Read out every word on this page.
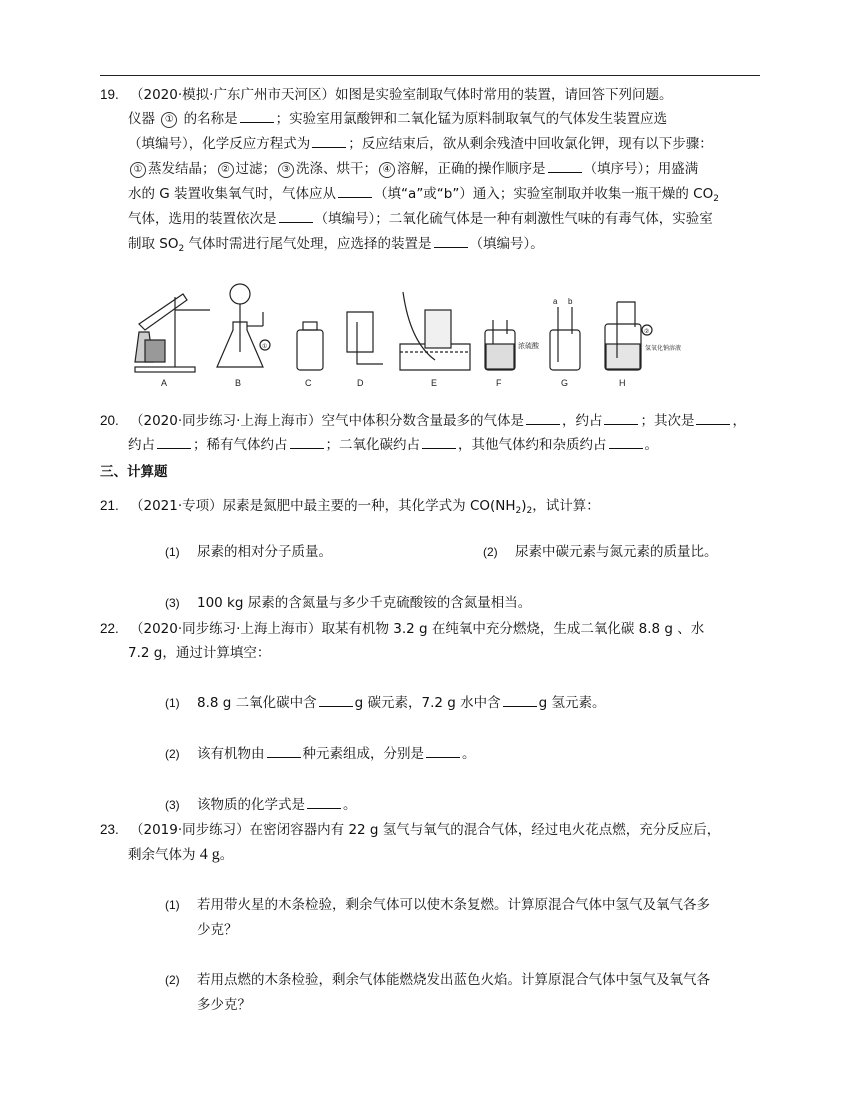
19. （2020·模拟·广东广州市天河区）如图是实验室制取气体时常用的装置，请回答下列问题。
仪器 ① 的名称是	；实验室用氯酸钾和二氧化锰为原料制取氧气的气体发生装置应选
（填编号），化学反应方程式为	；反应结束后，欲从剩余残渣中回收氯化钾，现有以下步骤：
① 蒸发结晶； ② 过滤； ③ 洗涤、烘干； ④ 溶解，正确的操作顺序是	（填序号）；用盛满
水的 G 装置收集氧气时，气体应从	（填“a”或“b”）通入；实验室制取并收集一瓶干燥的 $CO_2$
气体，选用的装置依次是	（填编号）；二氧化硫气体是一种有刺激性气味的有毒气体，实验室
制取 $SO_2$ 气体时需进行尾气处理，应选择的装置是	（填编号）。
A	B	C	D	E	F	G	H
a b
①
②
浓硫酸	氢氧化钠溶液
20. （2020·同步练习·上海上海市）空气中体积分数含量最多的气体是	，约占	；其次是	，
约占	；稀有气体约占	；二氧化碳约占	，其他气体约和杂质约占	。
三、计算题
21. （2021·专项）尿素是氮肥中最主要的一种，其化学式为 $CO(NH_2)_2$，试计算：
(1) 尿素的相对分子质量。	(2) 尿素中碳元素与氮元素的质量比。
(3) 100 kg 尿素的含氮量与多少千克硫酸铵的含氮量相当。
22. （2020·同步练习·上海上海市）取某有机物 3.2 g 在纯氧中充分燃烧，生成二氧化碳 8.8 g 、水
7.2 g，通过计算填空：
(1) 8.8 g 二氧化碳中含	g 碳元素，7.2 g 水中含	g 氢元素。
(2) 该有机物由	种元素组成，分别是	。
(3) 该物质的化学式是	。
23. （2019·同步练习）在密闭容器内有 22 g 氢气与氧气的混合气体，经过电火花点燃，充分反应后，
剩余气体为 4 g。
(1) 若用带火星的木条检验，剩余气体可以使木条复燃。计算原混合气体中氢气及氧气各多
少克？
(2) 若用点燃的木条检验，剩余气体能燃烧发出蓝色火焰。计算原混合气体中氢气及氧气各
多少克？
